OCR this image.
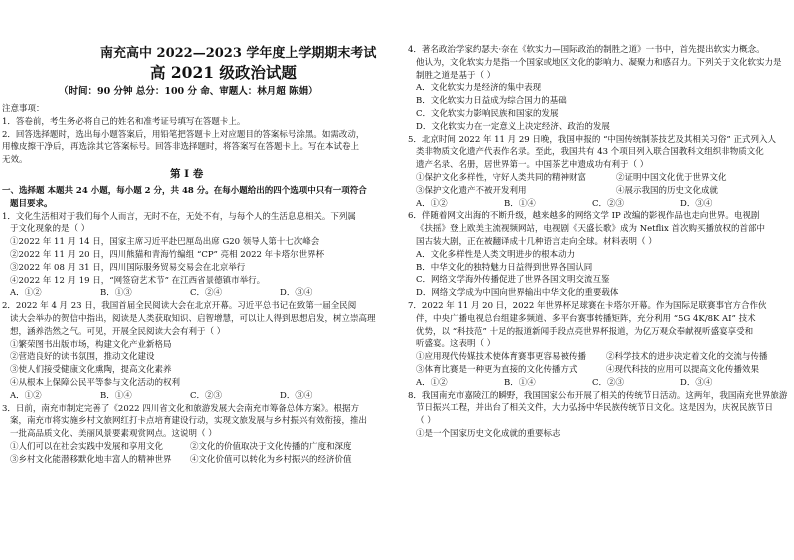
南充高中 2022—2023 学年度上学期期末考试
高 2021 级政治试题
（时间：90 分钟 总分：100 分 命、审题人：林月超 陈娟）
注意事项：
1．答卷前，考生务必将自己的姓名和准考证号填写在答题卡上。
2．回答选择题时，选出每小题答案后，用铅笔把答题卡上对应题目的答案标号涂黑。如需改动，
用橡皮擦干净后，再选涂其它答案标号。回答非选择题时，将答案写在答题卡上。写在本试卷上
无效。
第 I 卷
一、选择题 本题共 24 小题，每小题 2 分，共 48 分。在每小题给出的四个选项中只有一项符合
题目要求。
1．文化生活相对于我们每个人而言，无时不在，无处不有，与每个人的生活息息相关。下列属
于文化现象的是（ ）
①2022 年 11 月 14 日，国家主席习近平赴巴厘岛出席 G20 领导人第十七次峰会
②2022 年 11 月 20 日，四川熊猫和青海竹编组 “CP” 亮相 2022 年卡塔尔世界杯
③2022 年 08 月 31 日，四川国际服务贸易交易会在北京举行
④2022 年 12 月 19 日，“网签窃艺术节” 在江西省景德镇市举行。
A．①②	B．①③	C．②④	D．③④
2．2022 年 4 月 23 日，我国首届全民阅读大会在北京开幕。习近平总书记在致第一届全民阅
读大会举办的贺信中指出，阅读是人类获取知识、启智增慧，可以让人得到思想启发，树立崇高理
想，涵养浩然之气。可见，开展全民阅读大会有利于（ ）
①繁荣图书出版市场，构建文化产业新格局
②营造良好的读书氛围，推动文化建设
③使人们接受健康文化熏陶，提高文化素养
④从根本上保障公民平等参与文化活动的权利
A．①②	B．①④	C．②③	D．③④
3．日前，南充市制定完善了《2022 四川省文化和旅游发展大会南充市筹备总体方案》。根据方
案，南充市将实施乡村文旅网红打卡点培育建设行动，实现文旅发展与乡村振兴有效衔接，推出
一批高品质文化、美丽风景要素观赏网点。这说明（ ）
①人们可以在社会实践中发展和享用文化	②文化的价值取决于文化传播的广度和深度
③乡村文化能潜移默化地丰富人的精神世界	④文化价值可以转化为乡村振兴的经济价值
4．著名政治学家约瑟夫·奈在《软实力—国际政治的制胜之道》一书中，首先提出软实力概念。
他认为，文化软实力是指一个国家或地区文化的影响力、凝聚力和感召力。下列关于文化软实力是
制胜之道是基于（ ）
A．文化软实力是经济的集中表现
B．文化软实力日益成为综合国力的基础
C．文化软实力影响民族和国家的发展
D．文化软实力在一定意义上决定经济、政治的发展
5．北京时间 2022 年 11 月 29 日晚，我国申报的 “中国传统制茶技艺及其相关习俗” 正式列入人
类非物质文化遗产代表作名录。至此，我国共有 43 个项目列入联合国教科文组织非物质文化
遗产名录、名册，居世界第一。中国茶艺申遗成功有利于（ ）
①保护文化多样性，守好人类共同的精神财富	②证明中国文化优于世界文化
③保护文化遗产不被开发利用	④展示我国的历史文化成就
A．①②	B．①④	C．②③	D．③④
6．伴随着网文出海的不断升级，越来越多的网络文学 IP 改编的影视作品也走向世界。电视剧
《扶摇》登上欧美主流视频网站，电视剧《天盛长歌》成为 Netflix 首次购买播放权的首部中
国古装大剧，正在被翻译成十几种语言走向全球。材料表明（ ）
A．文化多样性是人类文明进步的根本动力
B．中华文化的独特魅力日益得到世界各国认同
C．网络文学海外传播促进了世界各国文明交流互鉴
D．网络文学成为中国向世界输出中华文化的重要载体
7．2022 年 11 月 20 日，2022 年世界杯足球赛在卡塔尔开幕。作为国际足联赛事官方合作伙
伴，中央广播电视总台组建多频道、多平台赛事转播矩阵，充分利用 “5G 4K/8K AI” 技术
优势，以 “科技范” 十足的报道新闻手段点亮世界杯报道，为亿万观众奉献视听盛宴享受和
听盛宴。这表明（ ）
①应用现代传媒技术使体育赛事更容易被传播	②科学技术的进步决定着文化的交流与传播
③体育比赛是一种更为直接的文化传播方式	④现代科技的应用可以提高文化传播效果
A．①②	B．①④	C．②③	D．③④
8．我国南充市嘉陵江的瞬野，我国国家公布开展了相关的传统节日活动。这两年，我国南充世界旅游
节日振兴工程，并出台了相关文件，大力弘扬中华民族传统节日文化。这是因为，庆祝民族节日
（ ）
①是一个国家历史文化成就的重要标志
